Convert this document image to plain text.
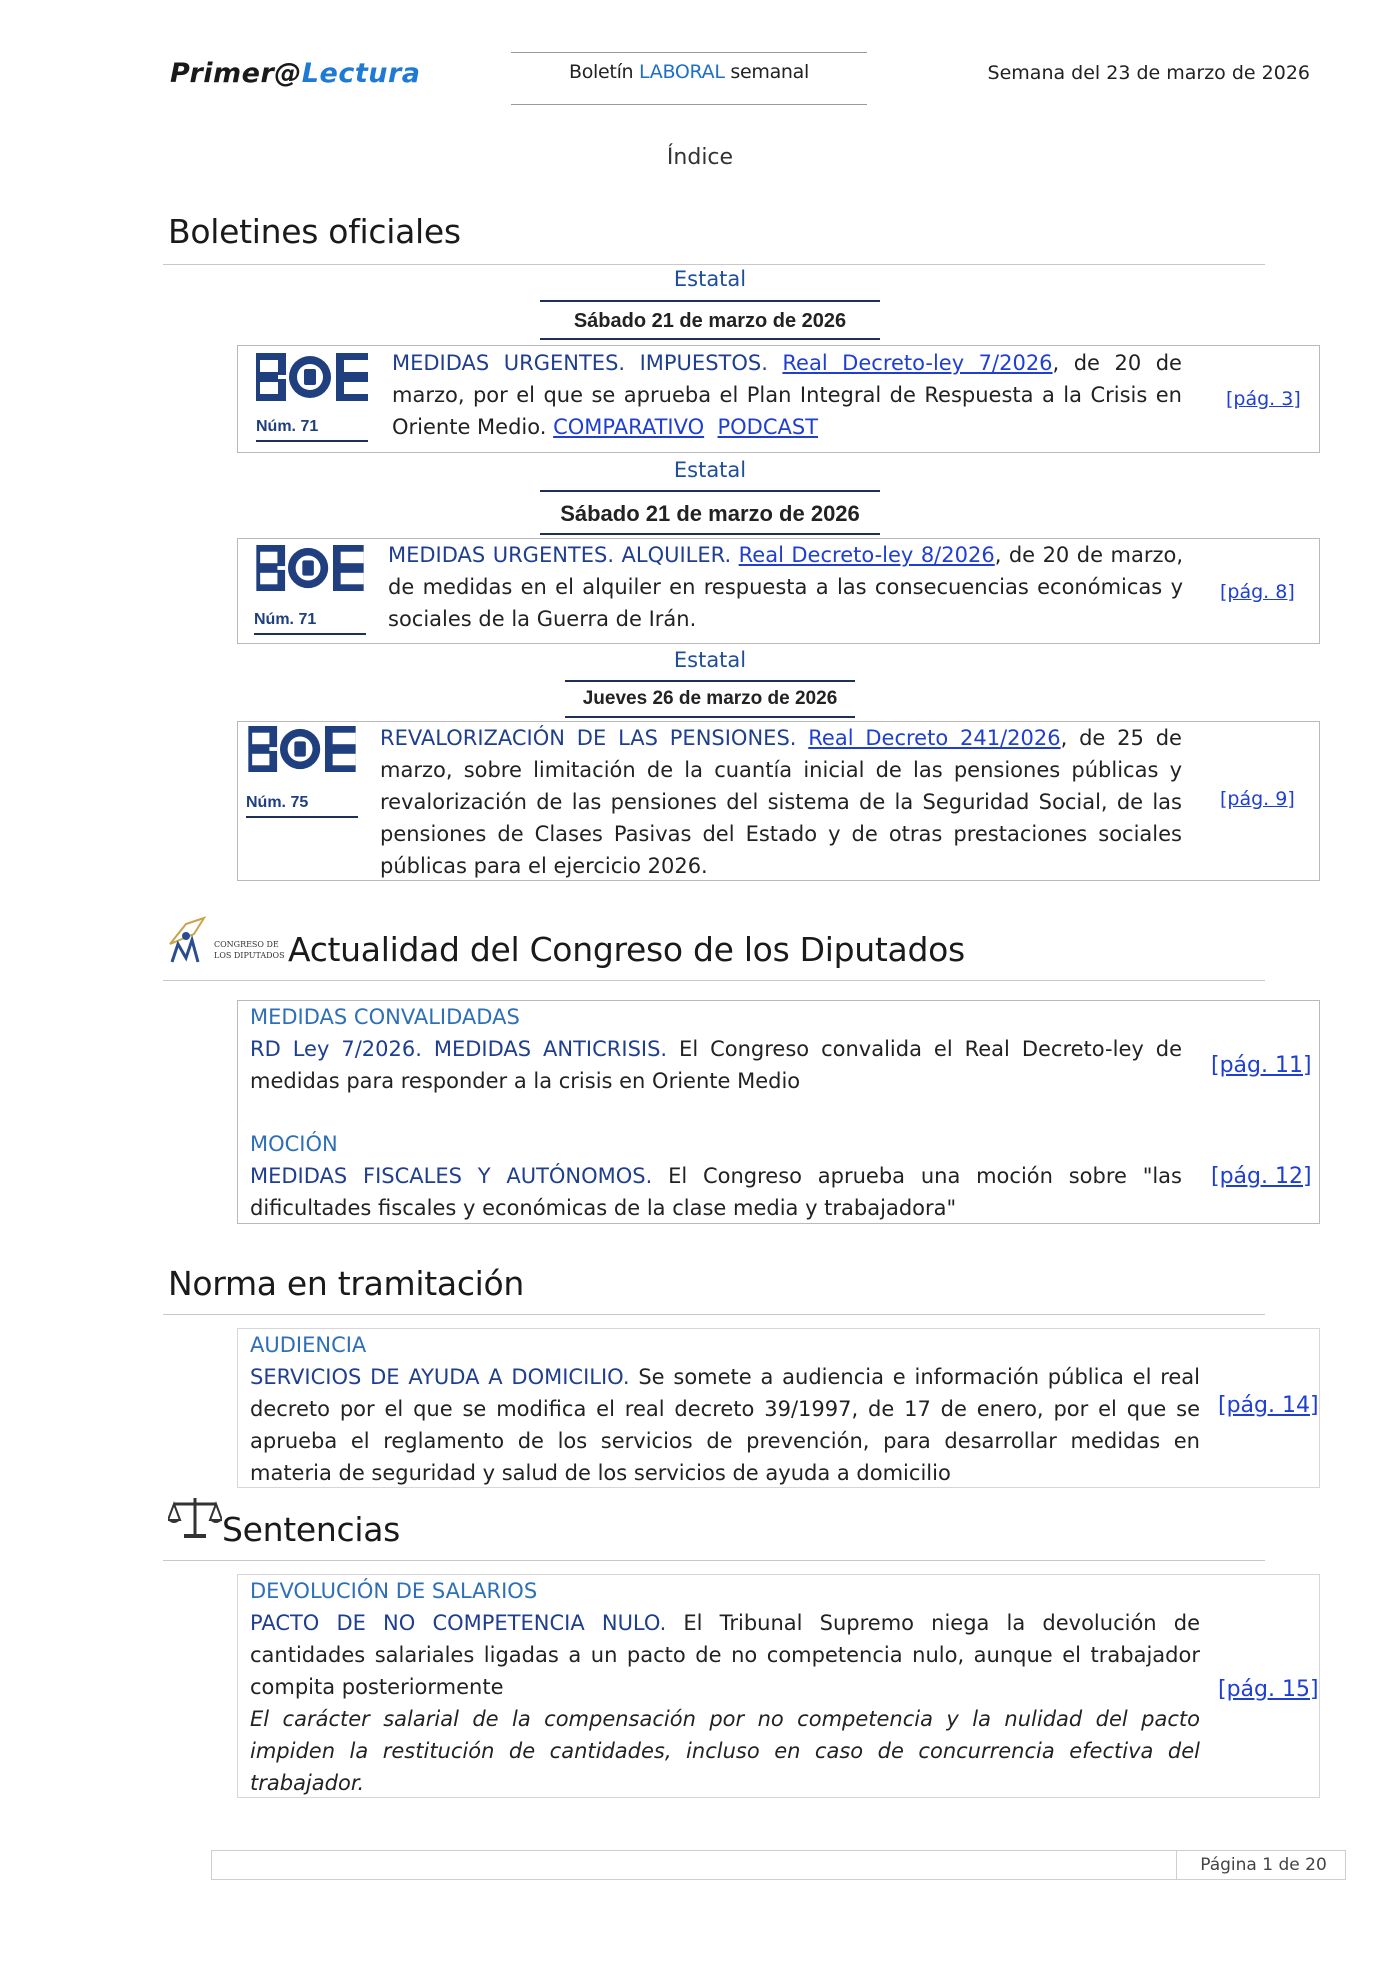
Primer@Lectura	Boletín LABORAL semanal	Semana del 23 de marzo de 2026
Índice
Boletines oficiales
Estatal
Sábado 21 de marzo de 2026
Núm. 71
MEDIDAS URGENTES. IMPUESTOS. Real Decreto-ley 7/2026, de 20 de marzo, por el que se aprueba el Plan Integral de Respuesta a la Crisis en Oriente Medio. COMPARATIVO PODCAST
[pág. 3]
Estatal
Sábado 21 de marzo de 2026
Núm. 71
MEDIDAS URGENTES. ALQUILER. Real Decreto-ley 8/2026, de 20 de marzo, de medidas en el alquiler en respuesta a las consecuencias económicas y sociales de la Guerra de Irán.
[pág. 8]
Estatal
Jueves 26 de marzo de 2026
Núm. 75
REVALORIZACIÓN DE LAS PENSIONES. Real Decreto 241/2026, de 25 de marzo, sobre limitación de la cuantía inicial de las pensiones públicas y revalorización de las pensiones del sistema de la Seguridad Social, de las pensiones de Clases Pasivas del Estado y de otras prestaciones sociales públicas para el ejercicio 2026.
[pág. 9]
CONGRESO DE
LOS DIPUTADOS Actualidad del Congreso de los Diputados
MEDIDAS CONVALIDADAS
RD Ley 7/2026. MEDIDAS ANTICRISIS. El Congreso convalida el Real Decreto-ley de medidas para responder a la crisis en Oriente Medio
[pág. 11]
MOCIÓN
MEDIDAS FISCALES Y AUTÓNOMOS. El Congreso aprueba una moción sobre "las dificultades fiscales y económicas de la clase media y trabajadora"
[pág. 12]
Norma en tramitación
AUDIENCIA
SERVICIOS DE AYUDA A DOMICILIO. Se somete a audiencia e información pública el real decreto por el que se modifica el real decreto 39/1997, de 17 de enero, por el que se aprueba el reglamento de los servicios de prevención, para desarrollar medidas en materia de seguridad y salud de los servicios de ayuda a domicilio
[pág. 14]
Sentencias
DEVOLUCIÓN DE SALARIOS
PACTO DE NO COMPETENCIA NULO. El Tribunal Supremo niega la devolución de cantidades salariales ligadas a un pacto de no competencia nulo, aunque el trabajador compita posteriormente
El carácter salarial de la compensación por no competencia y la nulidad del pacto impiden la restitución de cantidades, incluso en caso de concurrencia efectiva del trabajador.
[pág. 15]
Página 1 de 20
